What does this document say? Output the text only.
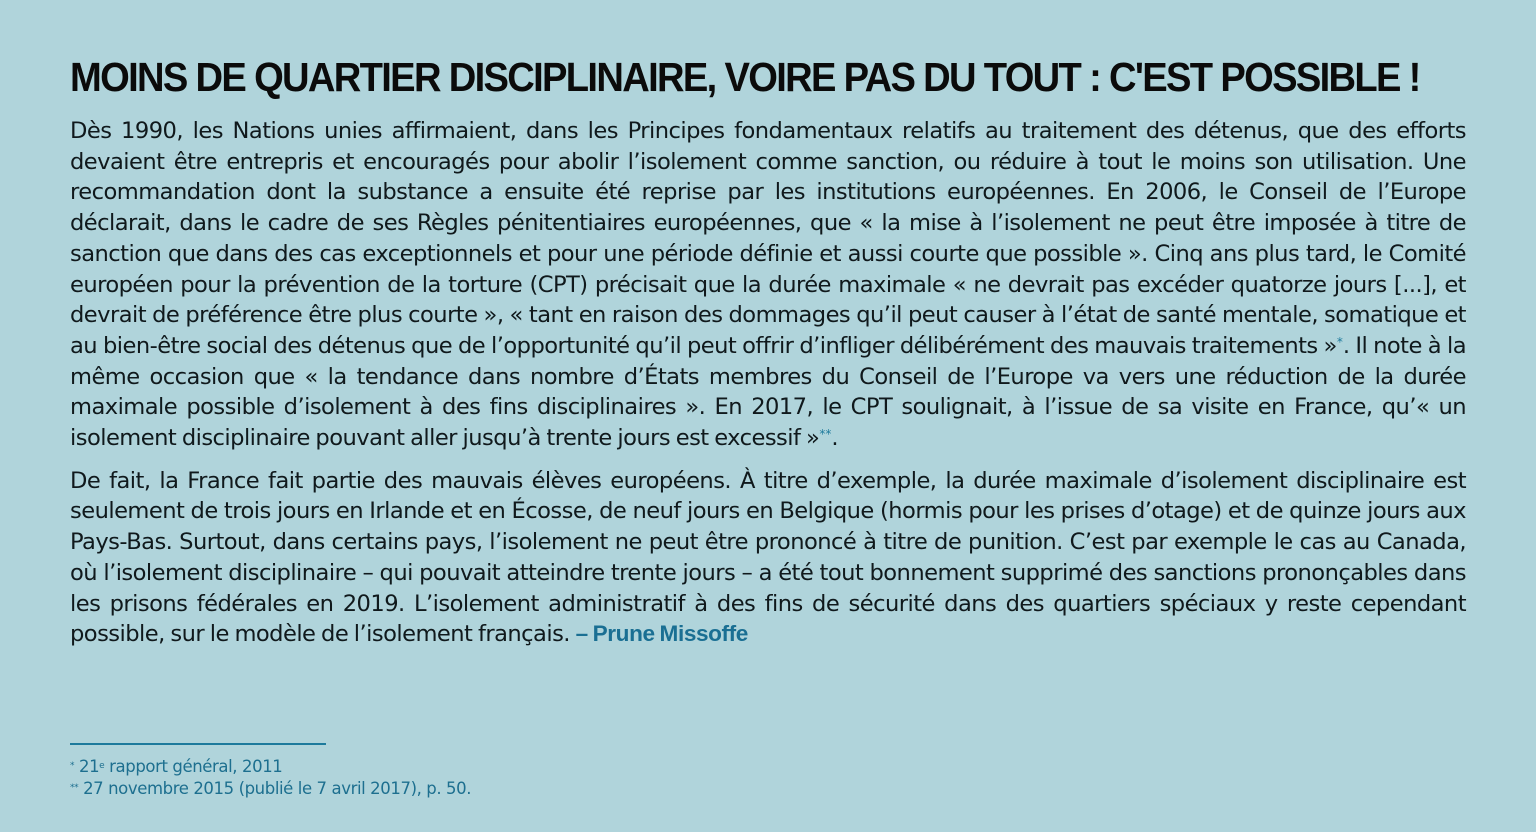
MOINS DE QUARTIER DISCIPLINAIRE, VOIRE PAS DU TOUT : C'EST POSSIBLE !

Dès 1990, les Nations unies affirmaient, dans les Principes fondamentaux relatifs au traitement des détenus, que des efforts devaient être entrepris et encouragés pour abolir l’isolement comme sanction, ou réduire à tout le moins son utilisation. Une recommandation dont la substance a ensuite été reprise par les institutions européennes. En 2006, le Conseil de l’Europe déclarait, dans le cadre de ses Règles pénitentiaires européennes, que « la mise à l’isolement ne peut être imposée à titre de sanction que dans des cas exceptionnels et pour une période définie et aussi courte que possible ». Cinq ans plus tard, le Comité européen pour la prévention de la torture (CPT) précisait que la durée maximale « ne devrait pas excéder quatorze jours [...], et devrait de préférence être plus courte », « tant en raison des dommages qu’il peut causer à l’état de santé mentale, somatique et au bien-être social des détenus que de l’opportunité qu’il peut offrir d’infliger délibérément des mauvais traitements »*. Il note à la même occasion que « la tendance dans nombre d’États membres du Conseil de l’Europe va vers une réduction de la durée maximale possible d’isolement à des fins disciplinaires ». En 2017, le CPT soulignait, à l’issue de sa visite en France, qu’« un isolement disciplinaire pouvant aller jusqu’à trente jours est excessif »**.

De fait, la France fait partie des mauvais élèves européens. À titre d’exemple, la durée maximale d’isolement disciplinaire est seulement de trois jours en Irlande et en Écosse, de neuf jours en Belgique (hormis pour les prises d’otage) et de quinze jours aux Pays-Bas. Surtout, dans certains pays, l’isolement ne peut être prononcé à titre de punition. C’est par exemple le cas au Canada, où l’isolement disciplinaire – qui pouvait atteindre trente jours – a été tout bonnement supprimé des sanctions prononçables dans les prisons fédérales en 2019. L’isolement administratif à des fins de sécurité dans des quartiers spéciaux y reste cependant possible, sur le modèle de l’isolement français. – Prune Missoffe

* 21e rapport général, 2011
** 27 novembre 2015 (publié le 7 avril 2017), p. 50.
